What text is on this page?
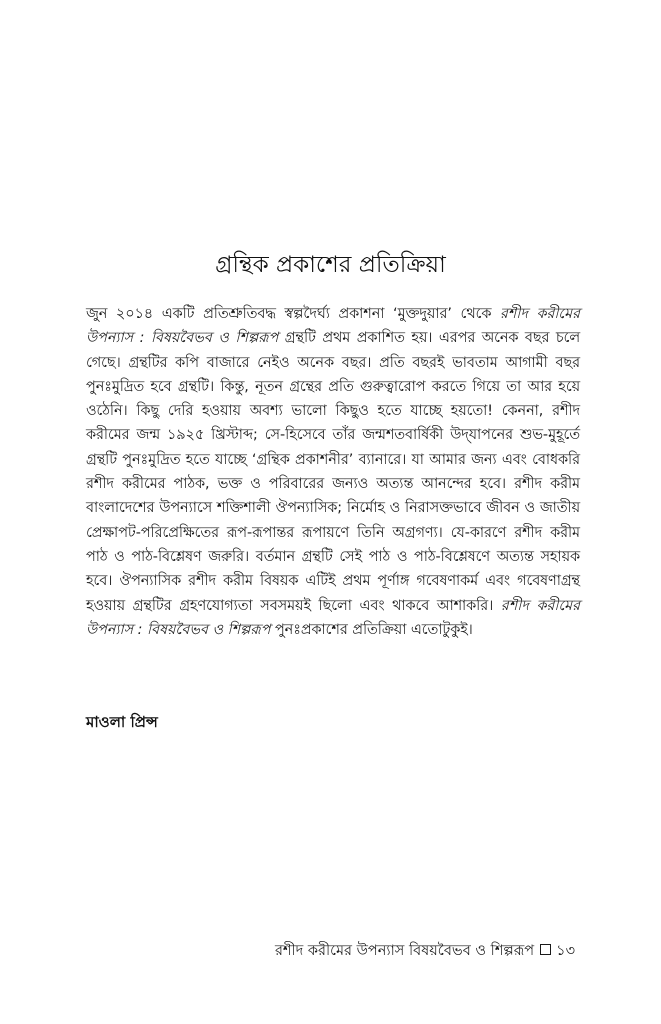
গ্রন্থিক প্রকাশের প্রতিক্রিয়া

জুন ২০১৪ একটি প্রতিশ্রুতিবদ্ধ স্বল্পদৈর্ঘ্য প্রকাশনা ‘মুক্তদুয়ার’ থেকে রশীদ করীমের উপন্যাস : বিষয়বৈভব ও শিল্পরূপ গ্রন্থটি প্রথম প্রকাশিত হয়। এরপর অনেক বছর চলে গেছে। গ্রন্থটির কপি বাজারে নেইও অনেক বছর। প্রতি বছরই ভাবতাম আগামী বছর পুনঃমুদ্রিত হবে গ্রন্থটি। কিন্তু, নূতন গ্রন্থের প্রতি গুরুত্বারোপ করতে গিয়ে তা আর হয়ে ওঠেনি। কিছু দেরি হওয়ায় অবশ্য ভালো কিছুও হতে যাচ্ছে হয়তো! কেননা, রশীদ করীমের জন্ম ১৯২৫ খ্রিস্টাব্দ; সে-হিসেবে তাঁর জন্মশতবার্ষিকী উদ্‌যাপনের শুভ-মুহূর্তে গ্রন্থটি পুনঃমুদ্রিত হতে যাচ্ছে ‘গ্রন্থিক প্রকাশনীর’ ব্যানারে। যা আমার জন্য এবং বোধকরি রশীদ করীমের পাঠক, ভক্ত ও পরিবারের জন্যও অত্যন্ত আনন্দের হবে। রশীদ করীম বাংলাদেশের উপন্যাসে শক্তিশালী ঔপন্যাসিক; নির্মোহ ও নিরাসক্তভাবে জীবন ও জাতীয় প্রেক্ষাপট-পরিপ্রেক্ষিতের রূপ-রূপান্তর রূপায়ণে তিনি অগ্রগণ্য। যে-কারণে রশীদ করীম পাঠ ও পাঠ-বিশ্লেষণ জরুরি। বর্তমান গ্রন্থটি সেই পাঠ ও পাঠ-বিশ্লেষণে অত্যন্ত সহায়ক হবে। ঔপন্যাসিক রশীদ করীম বিষয়ক এটিই প্রথম পূর্ণাঙ্গ গবেষণাকর্ম এবং গবেষণাগ্রন্থ হওয়ায় গ্রন্থটির গ্রহণযোগ্যতা সবসময়ই ছিলো এবং থাকবে আশাকরি। রশীদ করীমের উপন্যাস : বিষয়বৈভব ও শিল্পরূপ পুনঃপ্রকাশের প্রতিক্রিয়া এতোটুকুই।

মাওলা প্রিন্স
রশীদ করীমের উপন্যাস বিষয়বৈভব ও শিল্পরূপ ১৩
